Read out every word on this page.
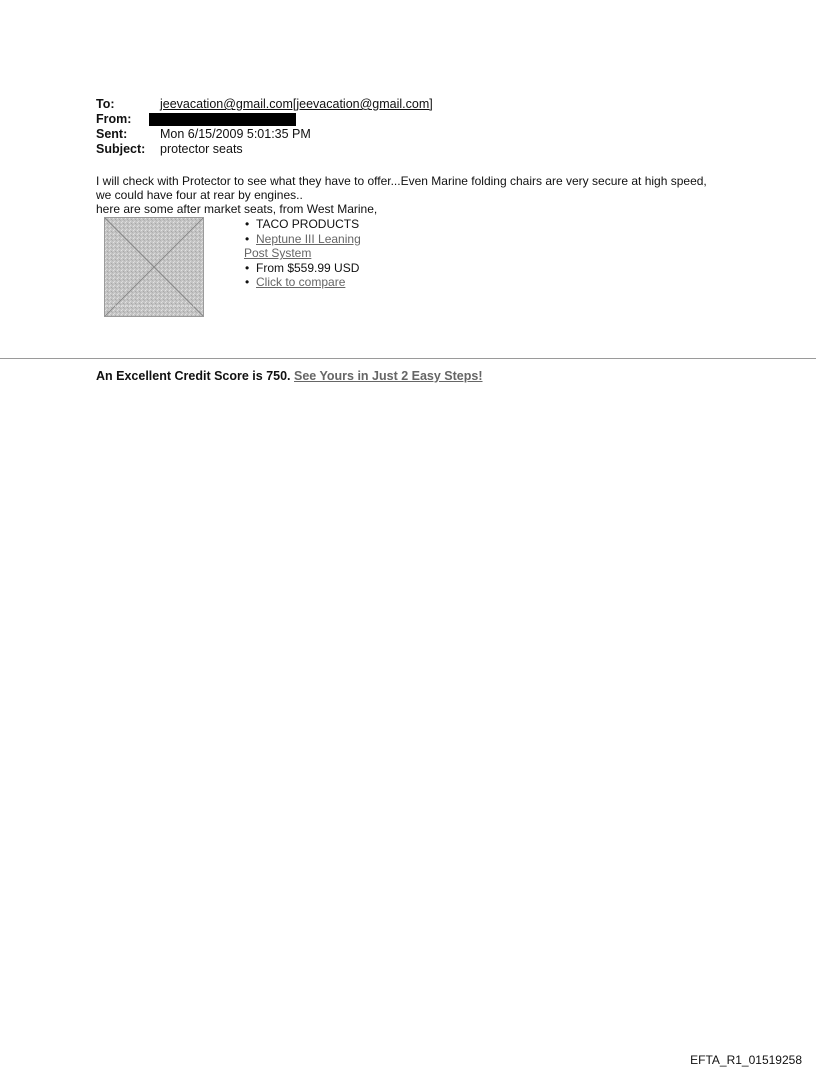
To:	jeevacation@gmail.com[jeevacation@gmail.com]
From:
Sent:	Mon 6/15/2009 5:01:35 PM
Subject:	protector seats

I will check with Protector to see what they have to offer...Even Marine folding chairs are very secure at high speed, we could have four at rear by engines..

here are some after market seats, from West Marine,

• TACO PRODUCTS
• Neptune III Leaning
Post System
• From $559.99 USD
• Click to compare
An Excellent Credit Score is 750. See Yours in Just 2 Easy Steps!
EFTA_R1_01519258
